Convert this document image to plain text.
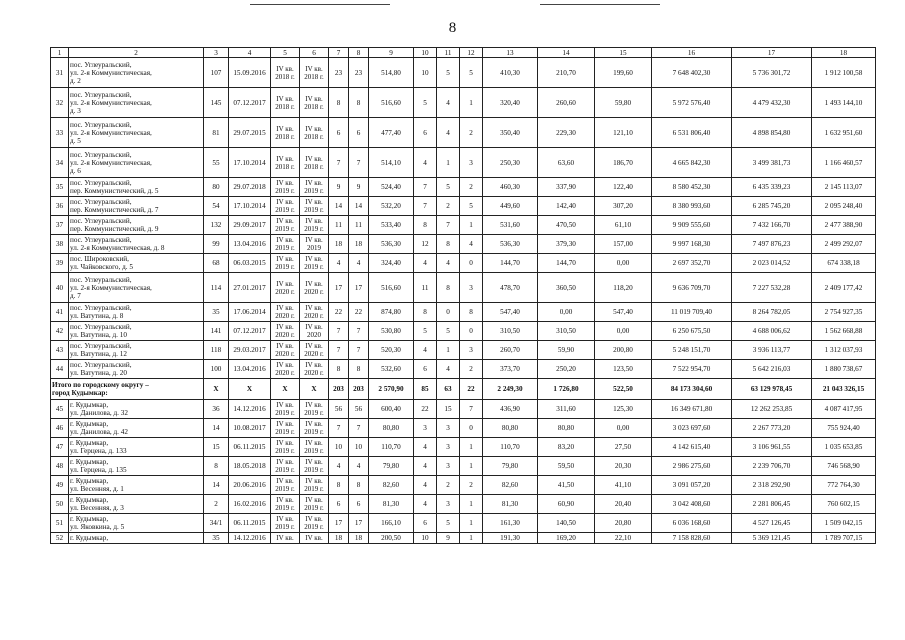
8
1	2	3	4	5	6	7	8	9	10	11	12	13	14	15	16	17	18
31	пос. Углеуральский,
ул. 2-я Коммунистическая,
д. 2	107	15.09.2016	IV кв. 2018 г.	IV кв. 2018 г.	23	23	514,80	10	5	5	410,30	210,70	199,60	7 648 402,30	5 736 301,72	1 912 100,58
32	пос. Углеуральский,
ул. 2-я Коммунистическая,
д. 3	145	07.12.2017	IV кв. 2018 г.	IV кв. 2018 г.	8	8	516,60	5	4	1	320,40	260,60	59,80	5 972 576,40	4 479 432,30	1 493 144,10
33	пос. Углеуральский,
ул. 2-я Коммунистическая,
д. 5	81	29.07.2015	IV кв. 2018 г.	IV кв. 2018 г.	6	6	477,40	6	4	2	350,40	229,30	121,10	6 531 806,40	4 898 854,80	1 632 951,60
34	пос. Углеуральский,
ул. 2-я Коммунистическая,
д. 6	55	17.10.2014	IV кв. 2018 г.	IV кв. 2018 г.	7	7	514,10	4	1	3	250,30	63,60	186,70	4 665 842,30	3 499 381,73	1 166 460,57
35	пос. Углеуральский,
пер. Коммунистический, д. 5	80	29.07.2018	IV кв. 2019 г.	IV кв. 2019 г.	9	9	524,40	7	5	2	460,30	337,90	122,40	8 580 452,30	6 435 339,23	2 145 113,07
36	пос. Углеуральский,
пер. Коммунистический, д. 7	54	17.10.2014	IV кв. 2019 г.	IV кв. 2019 г.	14	14	532,20	7	2	5	449,60	142,40	307,20	8 380 993,60	6 285 745,20	2 095 248,40
37	пос. Углеуральский,
пер. Коммунистический, д. 9	132	29.09.2017	IV кв. 2019 г.	IV кв. 2019 г.	11	11	533,40	8	7	1	531,60	470,50	61,10	9 909 555,60	7 432 166,70	2 477 388,90
38	пос. Углеуральский,
ул. 2-я Коммунистическая, д. 8	99	13.04.2016	IV кв. 2019 г.	IV кв. 2019	18	18	536,30	12	8	4	536,30	379,30	157,00	9 997 168,30	7 497 876,23	2 499 292,07
39	пос. Широковский,
ул. Чайковского, д. 5	68	06.03.2015	IV кв. 2019 г.	IV кв. 2019 г.	4	4	324,40	4	4	0	144,70	144,70	0,00	2 697 352,70	2 023 014,52	674 338,18
40	пос. Углеуральский,
ул. 2-я Коммунистическая,
д. 7	114	27.01.2017	IV кв. 2020 г.	IV кв. 2020 г.	17	17	516,60	11	8	3	478,70	360,50	118,20	9 636 709,70	7 227 532,28	2 409 177,42
41	пос. Углеуральский,
ул. Ватутина, д. 8	35	17.06.2014	IV кв. 2020 г.	IV кв. 2020 г.	22	22	874,80	8	0	8	547,40	0,00	547,40	11 019 709,40	8 264 782,05	2 754 927,35
42	пос. Углеуральский,
ул. Ватутина, д. 10	141	07.12.2017	IV кв. 2020 г.	IV кв. 2020	7	7	530,80	5	5	0	310,50	310,50	0,00	6 250 675,50	4 688 006,62	1 562 668,88
43	пос. Углеуральский,
ул. Ватутина, д. 12	118	29.03.2017	IV кв. 2020 г.	IV кв. 2020 г.	7	7	520,30	4	1	3	260,70	59,90	200,80	5 248 151,70	3 936 113,77	1 312 037,93
44	пос. Углеуральский,
ул. Ватутина, д. 20	100	13.04.2016	IV кв. 2020 г.	IV кв. 2020 г.	8	8	532,60	6	4	2	373,70	250,20	123,50	7 522 954,70	5 642 216,03	1 880 738,67
Итого по городскому округу –
город Кудымкар:		X	X	X	X	203	203	2 570,90	85	63	22	2 249,30	1 726,80	522,50	84 173 304,60	63 129 978,45	21 043 326,15
45	г. Кудымкар,
ул. Данилова, д. 32	36	14.12.2016	IV кв. 2019 г.	IV кв. 2019 г.	56	56	600,40	22	15	7	436,90	311,60	125,30	16 349 671,80	12 262 253,85	4 087 417,95
46	г. Кудымкар,
ул. Данилова, д. 42	14	10.08.2017	IV кв. 2019 г.	IV кв. 2019 г.	7	7	80,80	3	3	0	80,80	80,80	0,00	3 023 697,60	2 267 773,20	755 924,40
47	г. Кудымкар,
ул. Герцена, д. 133	15	06.11.2015	IV кв. 2019 г.	IV кв. 2019 г.	10	10	110,70	4	3	1	110,70	83,20	27,50	4 142 615,40	3 106 961,55	1 035 653,85
48	г. Кудымкар,
ул. Герцена, д. 135	8	18.05.2018	IV кв. 2019 г.	IV кв. 2019 г.	4	4	79,80	4	3	1	79,80	59,50	20,30	2 986 275,60	2 239 706,70	746 568,90
49	г. Кудымкар,
ул. Весенняя, д. 1	14	20.06.2016	IV кв. 2019 г.	IV кв. 2019 г.	8	8	82,60	4	2	2	82,60	41,50	41,10	3 091 057,20	2 318 292,90	772 764,30
50	г. Кудымкар,
ул. Весенняя, д. 3	2	16.02.2016	IV кв. 2019 г.	IV кв. 2019 г.	6	6	81,30	4	3	1	81,30	60,90	20,40	3 042 408,60	2 281 806,45	760 602,15
51	г. Кудымкар,
ул. Яковкина, д. 5	34/1	06.11.2015	IV кв. 2019 г.	IV кв. 2019 г.	17	17	166,10	6	5	1	161,30	140,50	20,80	6 036 168,60	4 527 126,45	1 509 042,15
52	г. Кудымкар,	35	14.12.2016	IV кв.	IV кв.	18	18	200,50	10	9	1	191,30	169,20	22,10	7 158 828,60	5 369 121,45	1 789 707,15
